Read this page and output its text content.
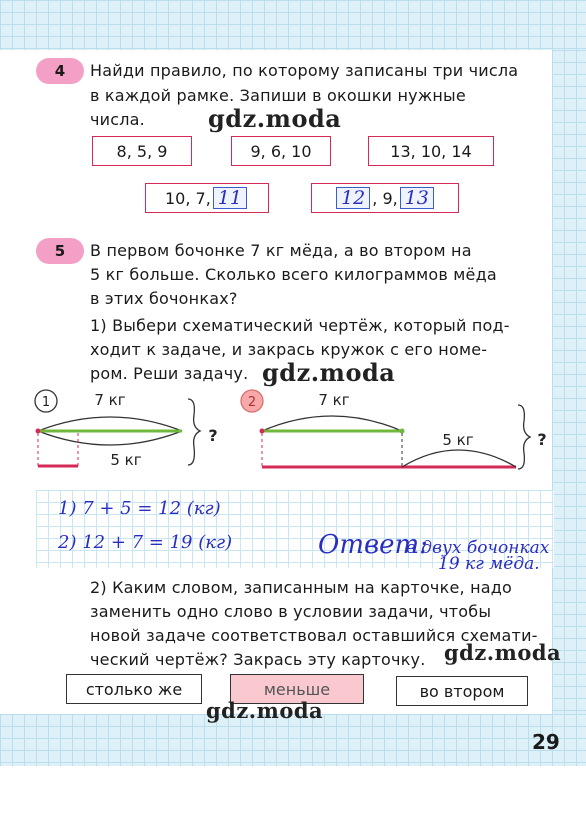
4 Найди правило, по которому записаны три числа
в каждой рамке. Запиши в окошки нужные
числа.	gdz.moda
8, 5, 9	9, 6, 10	13, 10, 14
10, 7, 11	12 , 9, 13
5 В первом бочонке 7 кг мёда, а во втором на
5 кг больше. Сколько всего килограммов мёда
в этих бочонках?
1) Выбери схематический чертёж, который под-
ходит к задаче, и закрась кружок с его номе-
ром. Реши задачу. gdz.moda
1	7 кг
5 кг
?
2	7 кг
5 кг	?
1) 7 + 5 = 12 (кг)
2) 12 + 7 = 19 (кг)	Ответ:
в двух бочонках
19 кг мёда.
2) Каким словом, записанным на карточке, надо
заменить одно слово в условии задачи, чтобы
новой задаче соответствовал оставшийся схемати-
ческий чертёж? Закрась эту карточку. gdz.moda
столько же	меньше	во втором
gdz.moda
29
